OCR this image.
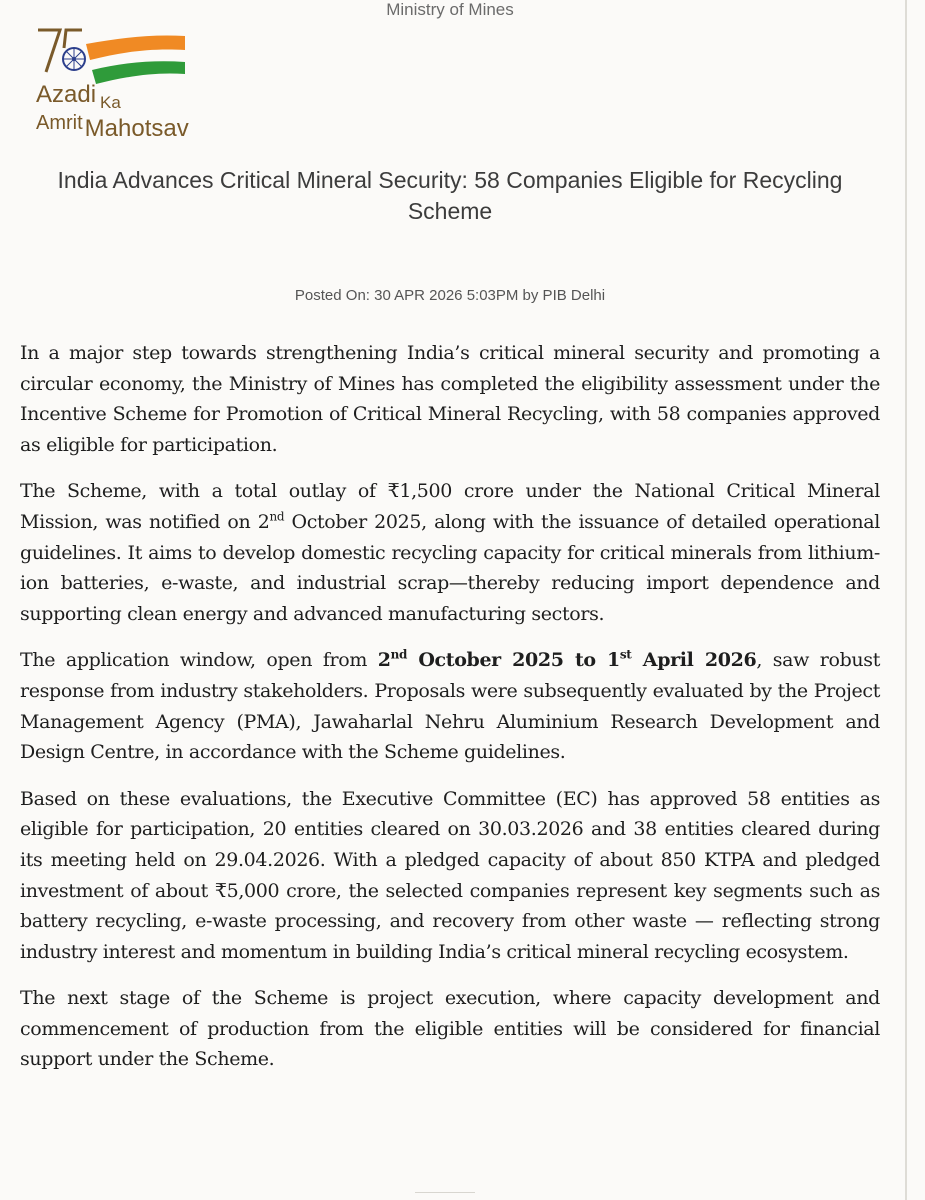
Ministry of Mines
Azadi $_{Ka}$
AmritMahotsav
India Advances Critical Mineral Security: 58 Companies Eligible for Recycling Scheme
Posted On: 30 APR 2026 5:03PM by PIB Delhi

In a major step towards strengthening India’s critical mineral security and promoting a circular economy, the Ministry of Mines has completed the eligibility assessment under the Incentive Scheme for Promotion of Critical Mineral Recycling, with 58 companies approved as eligible for participation.

The Scheme, with a total outlay of ₹1,500 crore under the National Critical Mineral Mission, was notified on 2nd October 2025, along with the issuance of detailed operational guidelines. It aims to develop domestic recycling capacity for critical minerals from lithium-ion batteries, e-waste, and industrial scrap—thereby reducing import dependence and supporting clean energy and advanced manufacturing sectors.

The application window, open from 2nd October 2025 to 1st April 2026, saw robust response from industry stakeholders. Proposals were subsequently evaluated by the Project Management Agency (PMA), Jawaharlal Nehru Aluminium Research Development and Design Centre, in accordance with the Scheme guidelines.

Based on these evaluations, the Executive Committee (EC) has approved 58 entities as eligible for participation, 20 entities cleared on 30.03.2026 and 38 entities cleared during its meeting held on 29.04.2026. With a pledged capacity of about 850 KTPA and pledged investment of about ₹5,000 crore, the selected companies represent key segments such as battery recycling, e-waste processing, and recovery from other waste — reflecting strong industry interest and momentum in building India’s critical mineral recycling ecosystem.

The next stage of the Scheme is project execution, where capacity development and commencement of production from the eligible entities will be considered for financial support under the Scheme.
